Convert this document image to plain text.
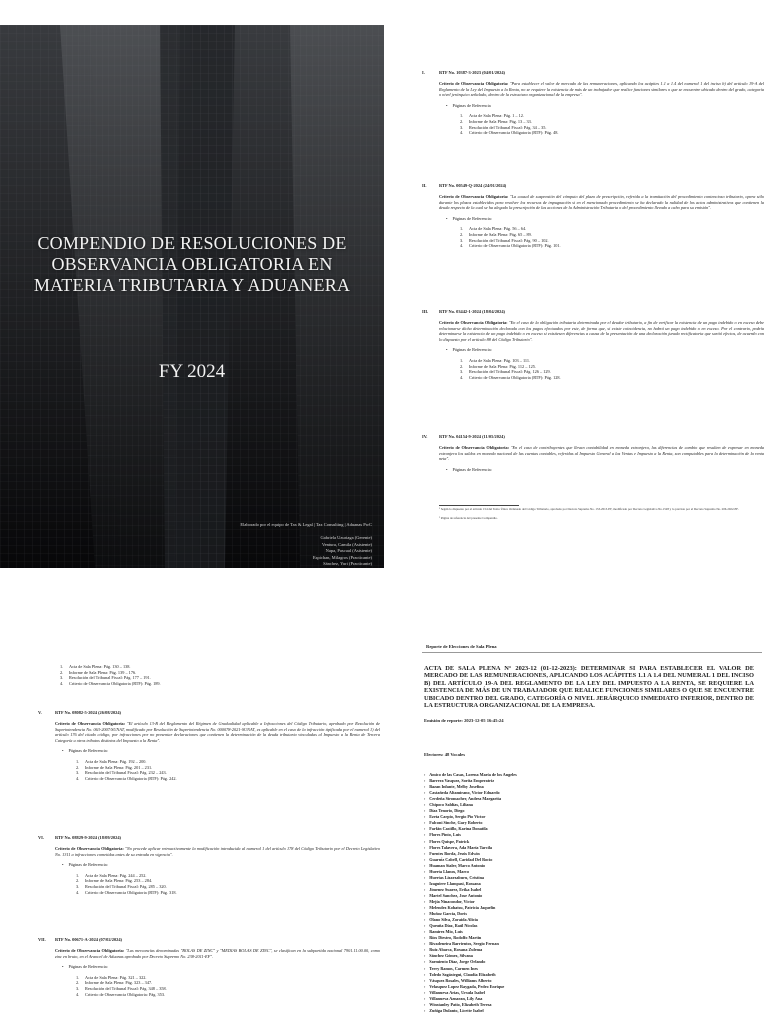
COMPENDIO DE RESOLUCIONES DE OBSERVANCIA OBLIGATORIA EN MATERIA TRIBUTARIA Y ADUANERA
FY 2024
Elaborado por el equipo de Tax & Legal | Tax Consulting | Aduanas PwC
Gabriela Uzuriaga (Gerente)
Ventura, Camila (Asistente)
Napa, Pascual (Asistente)
Espichan, Milagros (Practicante)
Sánchez, Yuri (Practicante)
I.	RTF No. 10387-3-2023 (04/01/2024)
Criterio de Observancia Obligatoria: "Para establecer el valor de mercado de las remuneraciones, aplicando los acápites 1.1 a 1.4 del numeral 1 del inciso b) del artículo 19-A del Reglamento de la Ley del Impuesto a la Renta, no se requiere la existencia de más de un trabajador que realice funciones similares o que se encuentre ubicado dentro del grado, categoría o nivel jerárquico señalado, dentro de la estructura organizacional de la empresa".
• Páginas de Referencia
1.	Acta de Sala Plena: Pág. 1 – 12.
2.	Informe de Sala Plena: Pág. 13 – 33.
3.	Resolución del Tribunal Fiscal: Pág. 34 – 35.
4.	Criterio de Observancia Obligatoria (RTF): Pág. 48.
II.	RTF No. 00549-Q-2024 (24/01/2024)
Criterio de Observancia Obligatoria: "La causal de suspensión del cómputo del plazo de prescripción, referida a la tramitación del procedimiento contencioso tributario, opera sólo durante los plazos establecidos para resolver los recursos de impugnación si en el mencionado procedimiento se ha declarado la nulidad de los actos administrativos que contienen la deuda respecto de la cual se ha alegado la prescripción de las acciones de la Administración Tributaria o del procedimiento llevado a cabo para su emisión".
• Páginas de Referencia:
1.	Acta de Sala Plena: Pág. 56 – 64.
2.	Informe de Sala Plena: Pág. 65 – 89.
3.	Resolución del Tribunal Fiscal: Pág. 90 – 102.
4.	Criterio de Observancia Obligatoria (RTF): Pág. 101.
III. RTF No. 03442-1-2024 (18/04/2024)
Criterio de Observancia Obligatoria: "En el caso de la obligación tributaria determinada por el deudor tributario, a fin de verificar la existencia de un pago indebido o en exceso debe relacionarse dicha determinación declarada con los pagos efectuados por este, de forma que, si existe coincidencia, no habrá un pago indebido o en exceso. Por el contrario, podría determinarse la existencia de un pago indebido o en exceso si existiesen diferencias a causa de la presentación de una declaración jurada rectificatoria que surtió efectos, de acuerdo con lo dispuesto por el artículo 88 del Código Tributario".
• Páginas de Referencia:
1.	Acta de Sala Plena: Pág. 103 – 111.
2.	Informe de Sala Plena: Pág. 112 – 125.
3.	Resolución del Tribunal Fiscal: Pág. 126 – 129.
4.	Criterio de Observancia Obligatoria (RTF): Pág. 128.
IV.	RTF No. 04154-9-2024 (11/05/2024)
Criterio de Observancia Obligatoria: "En el caso de contribuyentes que llevan contabilidad en moneda extranjera, las diferencias de cambio que resulten de expresar en moneda extranjera los saldos en moneda nacional de las cuentas contables, referidas al Impuesto General a las Ventas e Impuesto a la Renta, son computables para la determinación de la renta neta".
• Páginas de Referencia:
¹ Según lo dispuesto por el artículo 154 del Texto Único Ordenado del Código Tributario, aprobado por Decreto Supremo No. 133-2013-EF, modificado por Decreto Legislativo No.1528 y lo previsto por el Decreto Supremo No. 206-2022-EF.
² Página de referencia del presente Compendio.
1.	Acta de Sala Plena: Pág. 130 – 138.
2.	Informe de Sala Plena: Pág. 139 – 176.
3.	Resolución del Tribunal Fiscal: Pág. 177 – 191.
4.	Criterio de Observancia Obligatoria (RTF): Pág. 189.
V.	RTF No. 08082-5-2024 (26/08/2024)
Criterio de Observancia Obligatoria: "El artículo 13-B del Reglamento del Régimen de Gradualidad aplicable a Infracciones del Código Tributario, aprobado por Resolución de Superintendencia No. 063-2007/SUNAT, modificado por Resolución de Superintendencia No. 000078-2021-SUNAT, es aplicable en el caso de la infracción tipificada por el numeral 1) del artículo 176 del citado código, por infracciones por no presentar declaraciones que contienen la determinación de la deuda tributaria vinculadas al Impuesto a la Renta de Tercera Categoría u otros tributos distintos del Impuesto a la Renta".
• Páginas de Referencia:
1.	Acta de Sala Plena: Pág. 192 – 200.
2.	Informe de Sala Plena: Pág. 201 – 231.
3.	Resolución del Tribunal Fiscal: Pág. 232 – 243.
4.	Criterio de Observancia Obligatoria (RTF): Pág. 242.
VI.	RTF No. 08829-9-2024 (18/09/2024)
Criterio de Observancia Obligatoria: "No procede aplicar retroactivamente la modificación introducida al numeral 1 del artículo 178 del Código Tributario por el Decreto Legislativo No. 1311 a infracciones cometidas antes de su entrada en vigencia".
• Páginas de Referencia:
1.	Acta de Sala Plena: Pág. 244 – 252.
2.	Informe de Sala Plena: Pág. 253 – 284.
3.	Resolución del Tribunal Fiscal: Pág. 285 – 320.
4.	Criterio de Observancia Obligatoria (RTF): Pág. 318.
VII. RTF No. 00671-A-2024 (07/02/2024)
Criterio de Observancia Obligatoria: "Las mercancías denominadas "BOLAS DE ZINC" y "MEDIAS BOLAS DE ZINC", se clasifican en la subpartida nacional 7901.11.00.00, como zinc en bruto, en el Arancel de Aduanas aprobado por Decreto Supremo No. 238-2011-EF".
• Páginas de Referencia:
1.	Acta de Sala Plena: Pág. 321 – 322.
2.	Informe de Sala Plena: Pág. 323 – 347.
3.	Resolución del Tribunal Fiscal: Pág. 348 – 358.
4.	Criterio de Observancia Obligatoria: Pág. 353.
Reporte de Elecciones de Sala Plena
ACTA DE SALA PLENA N° 2023-12 (01-12-2023): DETERMINAR SI PARA ESTABLECER EL VALOR DE MERCADO DE LAS REMUNERACIONES, APLICANDO LOS ACÁPITES 1.1 A 1.4 DEL NUMERAL 1 DEL INCISO B) DEL ARTÍCULO 19-A DEL REGLAMENTO DE LA LEY DEL IMPUESTO A LA RENTA, SE REQUIERE LA EXISTENCIA DE MÁS DE UN TRABAJADOR QUE REALICE FUNCIONES SIMILARES O QUE SE ENCUENTRE UBICADO DENTRO DEL GRADO, CATEGORÍA O NIVEL JERÁRQUICO INMEDIATO INFERIOR, DENTRO DE LA ESTRUCTURA ORGANIZACIONAL DE LA EMPRESA.
Emisión de reporte: 2023-12-05 16:45:24
Electores: 48 Vocales
• Amico de las Casas, Lorena María de los Angeles
• Barrera Vasquez, Sorita Emperatriz
• Bazan Infante, Melby Josefina
• Castañeda Altamirano, Victor Eduardo
• Cerdeña Siromacher, Andrea Margarita
• Chipoco Saldías, Liliana
• Díaz Tenorio, Diego
• Ezeta Carpio, Sergio Pio Victor
• Falconi Sinche, Gary Roberto
• Farfán Castillo, Karina Donatila
• Flores Pinto, Luis
• Flores Quispe, Patrick
• Flores Talavera, Ada María Tarcila
• Fuentes Borda, Jesús Edwin
• Guarnίz Cabell, Caridad Del Rocio
• Huaman Sialer, Marco Antonio
• Huerta Llanos, Marco
• Huertas Lizarzaburu, Cristina
• Izaguirre Llampasi, Rossana
• Jimenez Suarez, Erika Isabel
• Martel Sanchez, Jose Antonio
• Mejía Ninacondor, Victor
• Melendez Kohatsu, Patricia Jaquelin
• Muñoz García, Doris
• Olano Silva, Zoraida Alicia
• Queuña Díaz, Raúl Nicolas
• Ramirez Mio, Luis
• Ríos Diestro, Rodolfo Martín
• Rivadeneira Barrientos, Sergio Fernan
• Ruiz Abarca, Roxana Zulema
• Sánchez Gómez, Silvana
• Sarmiento Díaz, Jorge Orlando
• Terry Ramos, Carmen Ines
• Toledo Sagástegui, Claudia Elizabeth
• Vásquez Rosales, Williams Alberto
• Velasquez Lopez Raygada, Pedro Enrique
• Villanueva Arias, Ursula Isabel
• Villanueva Aznaran, Lily Ana
• Winstanley Patio, Elizabeth Teresa
• Zuñiga Dulanto, Licette Isabel
